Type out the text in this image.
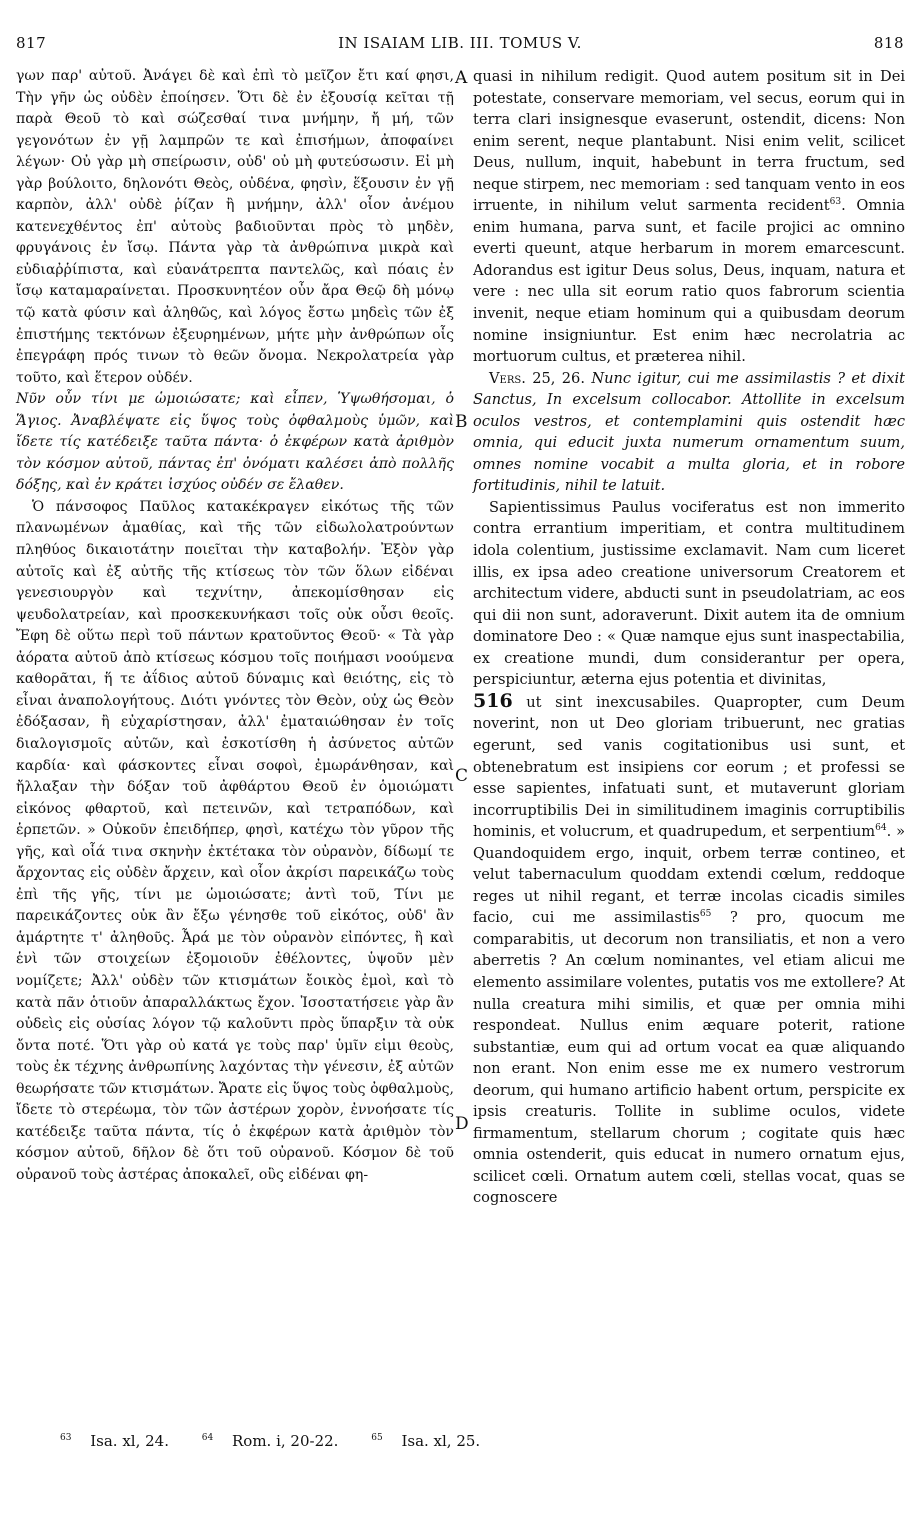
817	IN ISAIAM LIB. III. TOMUS V.	818

γων παρ' αὐτοῦ. Ἀνάγει δὲ καὶ ἐπὶ τὸ μεῖζον ἔτι καί φησι, Τὴν γῆν ὡς οὐδὲν ἐποίησεν. Ὅτι δὲ ἐν ἐξουσίᾳ κεῖται τῇ παρὰ Θεοῦ τὸ καὶ σώζεσθαί τινα μνήμην, ἤ μή, τῶν γεγονότων ἐν γῇ λαμπρῶν τε καὶ ἐπισήμων, ἀποφαίνει λέγων· Οὐ γὰρ μὴ σπείρωσιν, οὐδ' οὐ μὴ φυτεύσωσιν. Εἰ μὴ γὰρ βούλοιτο, δηλονότι Θεὸς, οὐδένα, φησὶν, ἕξουσιν ἐν γῇ καρπὸν, ἀλλ' οὐδὲ ῥίζαν ἢ μνήμην, ἀλλ' οἷον ἀνέμου κατενεχθέντος ἐπ' αὐτοὺς βαδιοῦνται πρὸς τὸ μηδὲν, φρυγάνοις ἐν ἴσῳ. Πάντα γὰρ τὰ ἀνθρώπινα μικρὰ καὶ εὐδιαῤῥίπιστα, καὶ εὐανάτρεπτα παντελῶς, καὶ πόαις ἐν ἴσῳ καταμαραίνεται. Προσκυνητέον οὖν ἄρα Θεῷ δὴ μόνῳ τῷ κατὰ φύσιν καὶ ἀληθῶς, καὶ λόγος ἔστω μηδεὶς τῶν ἐξ ἐπιστήμης τεκτόνων ἐξευρημένων, μήτε μὴν ἀνθρώπων οἷς ἐπεγράφη πρός τινων τὸ θεῶν ὄνομα. Νεκρολατρεία γὰρ τοῦτο, καὶ ἕτερον οὐδέν.

Νῦν οὖν τίνι με ὡμοιώσατε; καὶ εἶπεν, Ὑψωθήσομαι, ὁ Ἅγιος. Ἀναβλέψατε εἰς ὕψος τοὺς ὀφθαλμοὺς ὑμῶν, καὶ ἴδετε τίς κατέδειξε ταῦτα πάντα· ὁ ἐκφέρων κατὰ ἀριθμὸν τὸν κόσμον αὐτοῦ, πάντας ἐπ' ὀνόματι καλέσει ἀπὸ πολλῆς δόξης, καὶ ἐν κράτει ἰσχύος οὐδέν σε ἔλαθεν.

Ὁ πάνσοφος Παῦλος κατακέκραγεν εἰκότως τῆς τῶν πλανωμένων ἀμαθίας, καὶ τῆς τῶν εἰδωλολατρούντων πληθύος δικαιοτάτην ποιεῖται τὴν καταβολήν. Ἐξὸν γὰρ αὐτοῖς καὶ ἐξ αὐτῆς τῆς κτίσεως τὸν τῶν ὅλων εἰδέναι γενεσιουργὸν καὶ τεχνίτην, ἀπεκομίσθησαν εἰς ψευδολατρείαν, καὶ προσκεκυνήκασι τοῖς οὐκ οὖσι θεοῖς. Ἔφη δὲ οὕτω περὶ τοῦ πάντων κρατοῦντος Θεοῦ· « Τὰ γὰρ ἀόρατα αὐτοῦ ἀπὸ κτίσεως κόσμου τοῖς ποιήμασι νοούμενα καθορᾶται, ἥ τε ἀΐδιος αὐτοῦ δύναμις καὶ θειότης, εἰς τὸ εἶναι ἀναπολογήτους. Διότι γνόντες τὸν Θεὸν, οὐχ ὡς Θεὸν ἐδόξασαν, ἢ εὐχαρίστησαν, ἀλλ' ἐματαιώθησαν ἐν τοῖς διαλογισμοῖς αὐτῶν, καὶ ἐσκοτίσθη ἡ ἀσύνετος αὐτῶν καρδία· καὶ φάσκοντες εἶναι σοφοὶ, ἐμωράνθησαν, καὶ ἤλλαξαν τὴν δόξαν τοῦ ἀφθάρτου Θεοῦ ἐν ὁμοιώματι εἰκόνος φθαρτοῦ, καὶ πετεινῶν, καὶ τετραπόδων, καὶ ἑρπετῶν. » Οὐκοῦν ἐπειδήπερ, φησὶ, κατέχω τὸν γῦρον τῆς γῆς, καὶ οἷά τινα σκηνὴν ἐκτέτακα τὸν οὐρανὸν, δίδωμί τε ἄρχοντας εἰς οὐδὲν ἄρχειν, καὶ οἷον ἀκρίσι παρεικάζω τοὺς ἐπὶ τῆς γῆς, τίνι με ὡμοιώσατε; ἀντὶ τοῦ, Τίνι με παρεικάζοντες οὐκ ἂν ἔξω γένησθε τοῦ εἰκότος, οὐδ' ἂν ἁμάρτητε τ' ἀληθοῦς. Ἆρά με τὸν οὐρανὸν εἰπόντες, ἢ καὶ ἑνὶ τῶν στοιχείων ἐξομοιοῦν ἐθέλοντες, ὑψοῦν μὲν νομίζετε; Ἀλλ' οὐδὲν τῶν κτισμάτων ἔοικὸς ἐμοὶ, καὶ τὸ κατὰ πᾶν ὁτιοῦν ἀπαραλλάκτως ἔχον. Ἰσοστατήσειε γὰρ ἂν οὐδεὶς εἰς οὐσίας λόγον τῷ καλοῦντι πρὸς ὕπαρξιν τὰ οὐκ ὄντα ποτέ. Ὅτι γὰρ οὐ κατά γε τοὺς παρ' ὑμῖν εἰμι θεοὺς, τοὺς ἐκ τέχνης ἀνθρωπίνης λαχόντας τὴν γένεσιν, ἐξ αὐτῶν θεωρήσατε τῶν κτισμάτων. Ἄρατε εἰς ὕψος τοὺς ὀφθαλμοὺς, ἴδετε τὸ στερέωμα, τὸν τῶν ἀστέρων χορὸν, ἐννοήσατε τίς κατέδειξε ταῦτα πάντα, τίς ὁ ἐκφέρων κατὰ ἀριθμὸν τὸν κόσμον αὐτοῦ, δῆλον δὲ ὅτι τοῦ οὐρανοῦ. Κόσμον δὲ τοῦ οὐρανοῦ τοὺς ἀστέρας ἀποκαλεῖ, οὓς εἰδέναι φη-

A
B
C
D

quasi in nihilum redigit. Quod autem positum sit in Dei potestate, conservare memoriam, vel secus, eorum qui in terra clari insignesque evaserunt, ostendit, dicens: Non enim serent, neque plantabunt. Nisi enim velit, scilicet Deus, nullum, inquit, habebunt in terra fructum, sed neque stirpem, nec memoriam : sed tanquam vento in eos irruente, in nihilum velut sarmenta recident$^{63}$. Omnia enim humana, parva sunt, et facile projici ac omnino everti queunt, atque herbarum in morem emarcescunt. Adorandus est igitur Deus solus, Deus, inquam, natura et vere : nec ulla sit eorum ratio quos fabrorum scientia invenit, neque etiam hominum qui a quibusdam deorum nomine insigniuntur. Est enim hæc necrolatria ac mortuorum cultus, et præterea nihil.

Vers. 25, 26. Nunc igitur, cui me assimilastis ? et dixit Sanctus, In excelsum collocabor. Attollite in excelsum oculos vestros, et contemplamini quis ostendit hæc omnia, qui educit juxta numerum ornamentum suum, omnes nomine vocabit a multa gloria, et in robore fortitudinis, nihil te latuit.

Sapientissimus Paulus vociferatus est non immerito contra errantium imperitiam, et contra multitudinem idola colentium, justissime exclamavit. Nam cum liceret illis, ex ipsa adeo creatione universorum Creatorem et architectum videre, abducti sunt in pseudolatriam, ac eos qui dii non sunt, adoraverunt. Dixit autem ita de omnium dominatore Deo : « Quæ namque ejus sunt inaspectabilia, ex creatione mundi, dum considerantur per opera, perspiciuntur, æterna ejus potentia et divinitas,
516 ut sint inexcusabiles. Quapropter, cum Deum noverint, non ut Deo gloriam tribuerunt, nec gratias egerunt, sed vanis cogitationibus usi sunt, et obtenebratum est insipiens cor eorum ; et professi se esse sapientes, infatuati sunt, et mutaverunt gloriam incorruptibilis Dei in similitudinem imaginis corruptibilis hominis, et volucrum, et quadrupedum, et serpentium$^{64}$. » Quandoquidem ergo, inquit, orbem terræ contineo, et velut tabernaculum quoddam extendi cœlum, reddoque reges ut nihil regant, et terræ incolas cicadis similes facio, cui me assimilastis$^{65}$ ? pro, quocum me comparabitis, ut decorum non transiliatis, et non a vero aberretis ? An cœlum nominantes, vel etiam alicui me elemento assimilare volentes, putatis vos me extollere? At nulla creatura mihi similis, et quæ per omnia mihi respondeat. Nullus enim æquare poterit, ratione substantiæ, eum qui ad ortum vocat ea quæ aliquando non erant. Non enim esse me ex numero vestrorum deorum, qui humano artificio habent ortum, perspicite ex ipsis creaturis. Tollite in sublime oculos, videte firmamentum, stellarum chorum ; cogitate quis hæc omnia ostenderit, quis educat in numero ornatum ejus, scilicet cœli. Ornatum autem cœli, stellas vocat, quas se cognoscere

$^{63}$ Isa. xl, 24.	$^{64}$ Rom. i, 20-22.	$^{65}$ Isa. xl, 25.
